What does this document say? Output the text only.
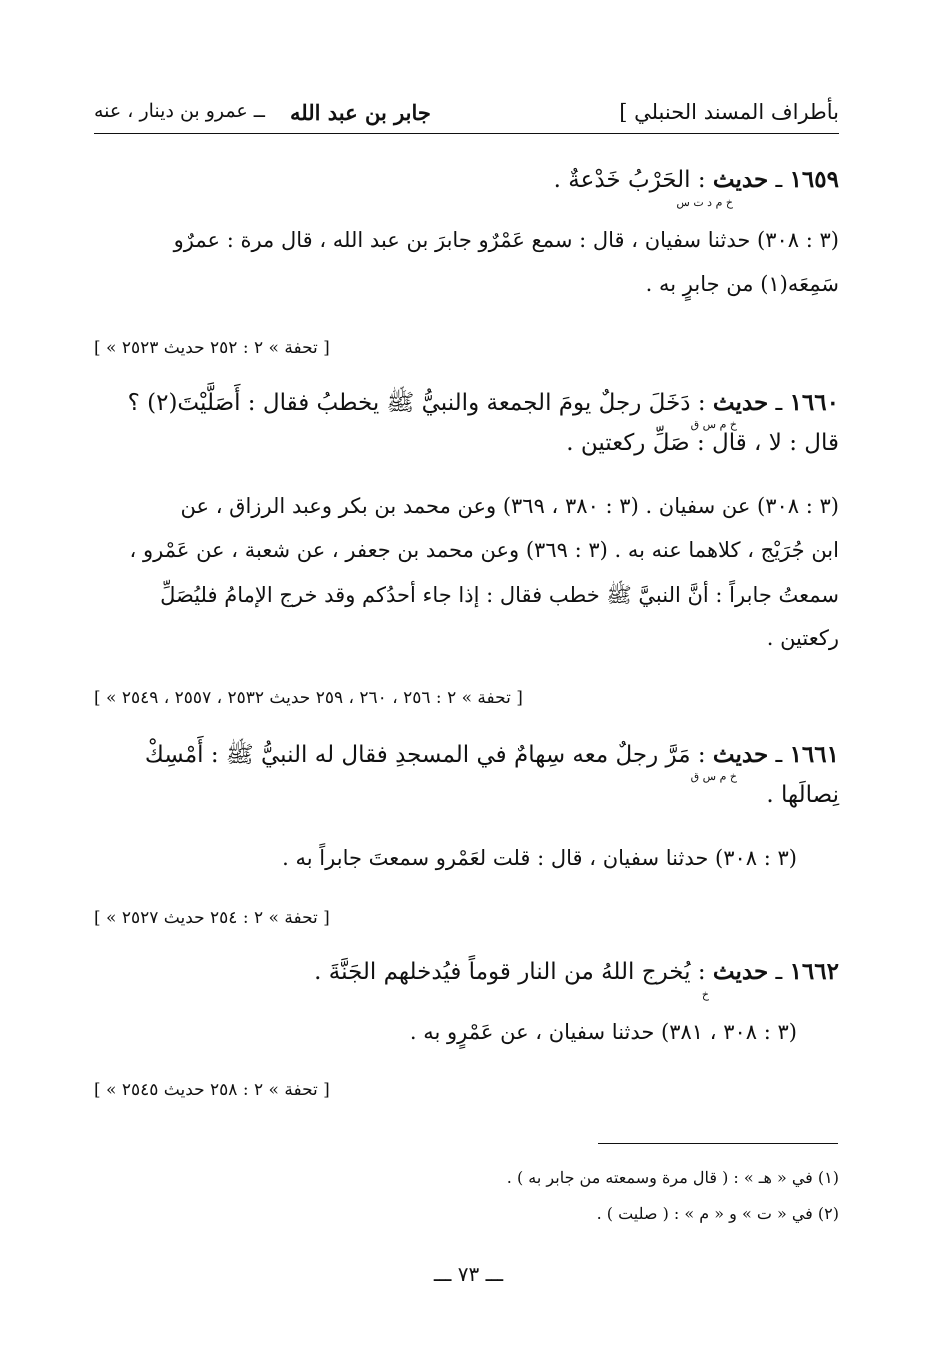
بأطراف المسند الحنبلي ]
جابر بن عبد الله
ــ عمرو بن دينار ، عنه
١٦٥٩ ـ حديث : الحَرْبُ خَدْعةٌ .
خ م د ت س
(٣ : ٣٠٨) حدثنا سفيان ، قال : سمع عَمْرٌو جابرَ بن عبد الله ، قال مرة : عمرٌو
سَمِعَه(١) من جابرٍ به .
[ « تحفة » ٢ : ٢٥٢ حديث ٢٥٢٣ ]
١٦٦٠ ـ حديث : دَخَلَ رجلٌ يومَ الجمعة والنبيُّ ﷺ يخطبُ فقال : أَصَلَّيْتَ(٢) ؟
خ م س ق
قال : لا ، قال : صَلِّ ركعتين .
(٣ : ٣٠٨) عن سفيان . (٣ : ٣٨٠ ، ٣٦٩) وعن محمد بن بكر وعبد الرزاق ، عن
ابن جُرَيْج ، كلاهما عنه به . (٣ : ٣٦٩) وعن محمد بن جعفر ، عن شعبة ، عن عَمْرو ،
سمعتُ جابراً : أنَّ النبيَّ ﷺ خطب فقال : إذا جاء أحدُكم وقد خرج الإمامُ فليُصَلِّ
ركعتين .
[ « تحفة » ٢ : ٢٥٦ ، ٢٦٠ ، ٢٥٩ حديث ٢٥٣٢ ، ٢٥٥٧ ، ٢٥٤٩ ]
١٦٦١ ـ حديث : مَرَّ رجلٌ معه سِهامٌ في المسجدِ فقال له النبيُّ ﷺ : أَمْسِكْ
خ م س ق
نِصالَها .
(٣ : ٣٠٨) حدثنا سفيان ، قال : قلت لعَمْرو سمعتَ جابراً به .
[ « تحفة » ٢ : ٢٥٤ حديث ٢٥٢٧ ]
١٦٦٢ ـ حديث : يُخرج اللهُ من النار قوماً فيُدخلهم الجَنَّةَ .
خ
(٣ : ٣٠٨ ، ٣٨١) حدثنا سفيان ، عن عَمْرٍو به .
[ « تحفة » ٢ : ٢٥٨ حديث ٢٥٤٥ ]
(١) في « هـ » : ( قال مرة وسمعته من جابر به ) .
(٢) في « ت » و « م » : ( صليت ) .
ـــ ٧٣ ـــ
